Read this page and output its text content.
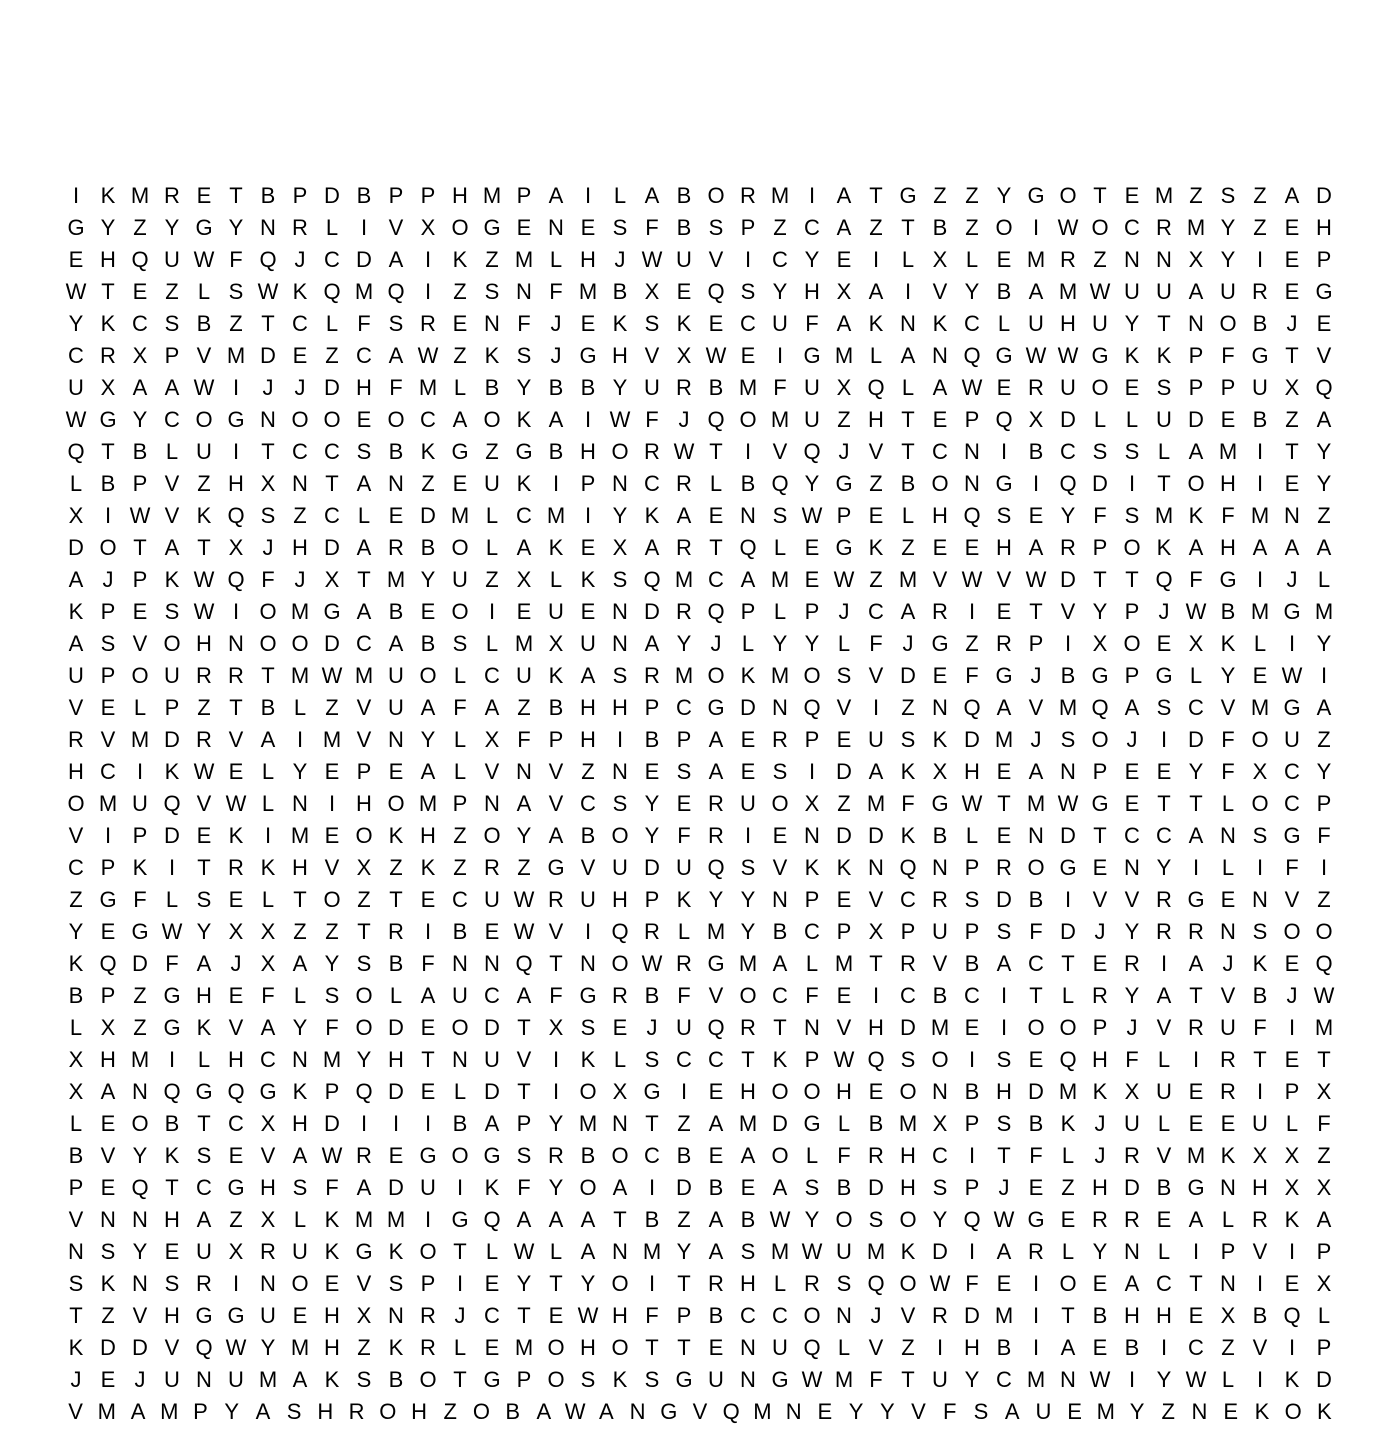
I K M R E T B P D B P P H M P A I	L A B O R M I A T G Z Z Y G O T E M Z S Z A D
G Y Z Y G Y N R L	I V X O G E N E S F B S P Z C A Z T B Z O I W O C R M Y Z E H
E H Q U W F Q J C D A I K Z M L H J W U V I C Y E I	L X L E M R Z N N X Y I E P
W T E Z L S W K Q M Q I	Z S N F M B X E Q S Y H X A I V Y B A M W U U A U R E G
Y K C S B Z T C L F S R E N F J E K S K E C U F A K N K C L U H U Y T N O B J E
C R X P V M D E Z C A W Z K S J G H V X W E I G M L A N Q G W W G K K P F G T V
U X A A W I	J J D H F M L B Y B B Y U R B M F U X Q L A W E R U O E S P P U X Q
W G Y C O G N O O E O C A O K A I W F J Q O M U Z H T E P Q X D L L U D E B Z A
Q T B L U I	T C C S B K G Z G B H O R W T	I V Q J V T C N I B C S S L A M I	T Y
L B P V Z H X N T A N Z E U K I P N C R L B Q Y G Z B O N G I Q D I	T O H I E Y
X I W V K Q S Z C L E D M L C M I Y K A E N S W P E L H Q S E Y F S M K F M N Z
D O T A T X J H D A R B O L A K E X A R T Q L E G K Z E E H A R P O K A H A A A
A J P K W Q F J X T M Y U Z X L K S Q M C A M E W Z M V W V W D T T Q F G I	J L
K P E S W I O M G A B E O I E U E N D R Q P L P J C A R I E T V Y P J W B M G M
A S V O H N O O D C A B S L M X U N A Y J L Y Y L F J G Z R P I X O E X K L	I Y
U P O U R R T M W M U O L C U K A S R M O K M O S V D E F G J B G P G L Y E W I
V E L P Z T B L Z V U A F A Z B H H P C G D N Q V I	Z N Q A V M Q A S C V M G A
R V M D R V A I M V N Y L X F P H I B P A E R P E U S K D M J S O J	I D F O U Z
H C I K W E L Y E P E A L V N V Z N E S A E S I D A K X H E A N P E E Y F X C Y
O M U Q V W L N I H O M P N A V C S Y E R U O X Z M F G W T M W G E T T L O C P
V I P D E K I M E O K H Z O Y A B O Y F R I E N D D K B L E N D T C C A N S G F
C P K I	T R K H V X Z K Z R Z G V U D U Q S V K K N Q N P R O G E N Y I	L	I	F	I
Z G F L S E L T O Z T E C U W R U H P K Y Y N P E V C R S D B I V V R G E N V Z
Y E G W Y X X Z Z T R I B E W V I Q R L M Y B C P X P U P S F D J Y R R N S O O
K Q D F A J X A Y S B F N N Q T N O W R G M A L M T R V B A C T E R I A J K E Q
B P Z G H E F L S O L A U C A F G R B F V O C F E I C B C I	T L R Y A T V B J W
L X Z G K V A Y F O D E O D T X S E J U Q R T N V H D M E I O O P J V R U F	I M
X H M I	L H C N M Y H T N U V I K L S C C T K P W Q S O I S E Q H F L	I R T E T
X A N Q G Q G K P Q D E L D T	I O X G I E H O O H E O N B H D M K X U E R I P X
L E O B T C X H D I	I	I B A P Y M N T Z A M D G L B M X P S B K J U L E E U L F
B V Y K S E V A W R E G O G S R B O C B E A O L F R H C I	T F L J R V M K X X Z
P E Q T C G H S F A D U I K F Y O A I D B E A S B D H S P J E Z H D B G N H X X
V N N H A Z X L K M M I G Q A A A T B Z A B W Y O S O Y Q W G E R R E A L R K A
N S Y E U X R U K G K O T L W L A N M Y A S M W U M K D I A R L Y N L	I P V I P
S K N S R I N O E V S P I E Y T Y O I	T R H L R S Q O W F E I O E A C T N I E X
T Z V H G G U E H X N R J C T E W H F P B C C O N J V R D M I	T B H H E X B Q L
K D D V Q W Y M H Z K R L E M O H O T T E N U Q L V Z	I H B I A E B I C Z V I P
J E J U N U M A K S B O T G P O S K S G U N G W M F T U Y C M N W I Y W L	I K D
V M A M P Y A S H R O H Z O B A W A N G V Q M N E Y Y V F S A U E M Y Z N E K O K
